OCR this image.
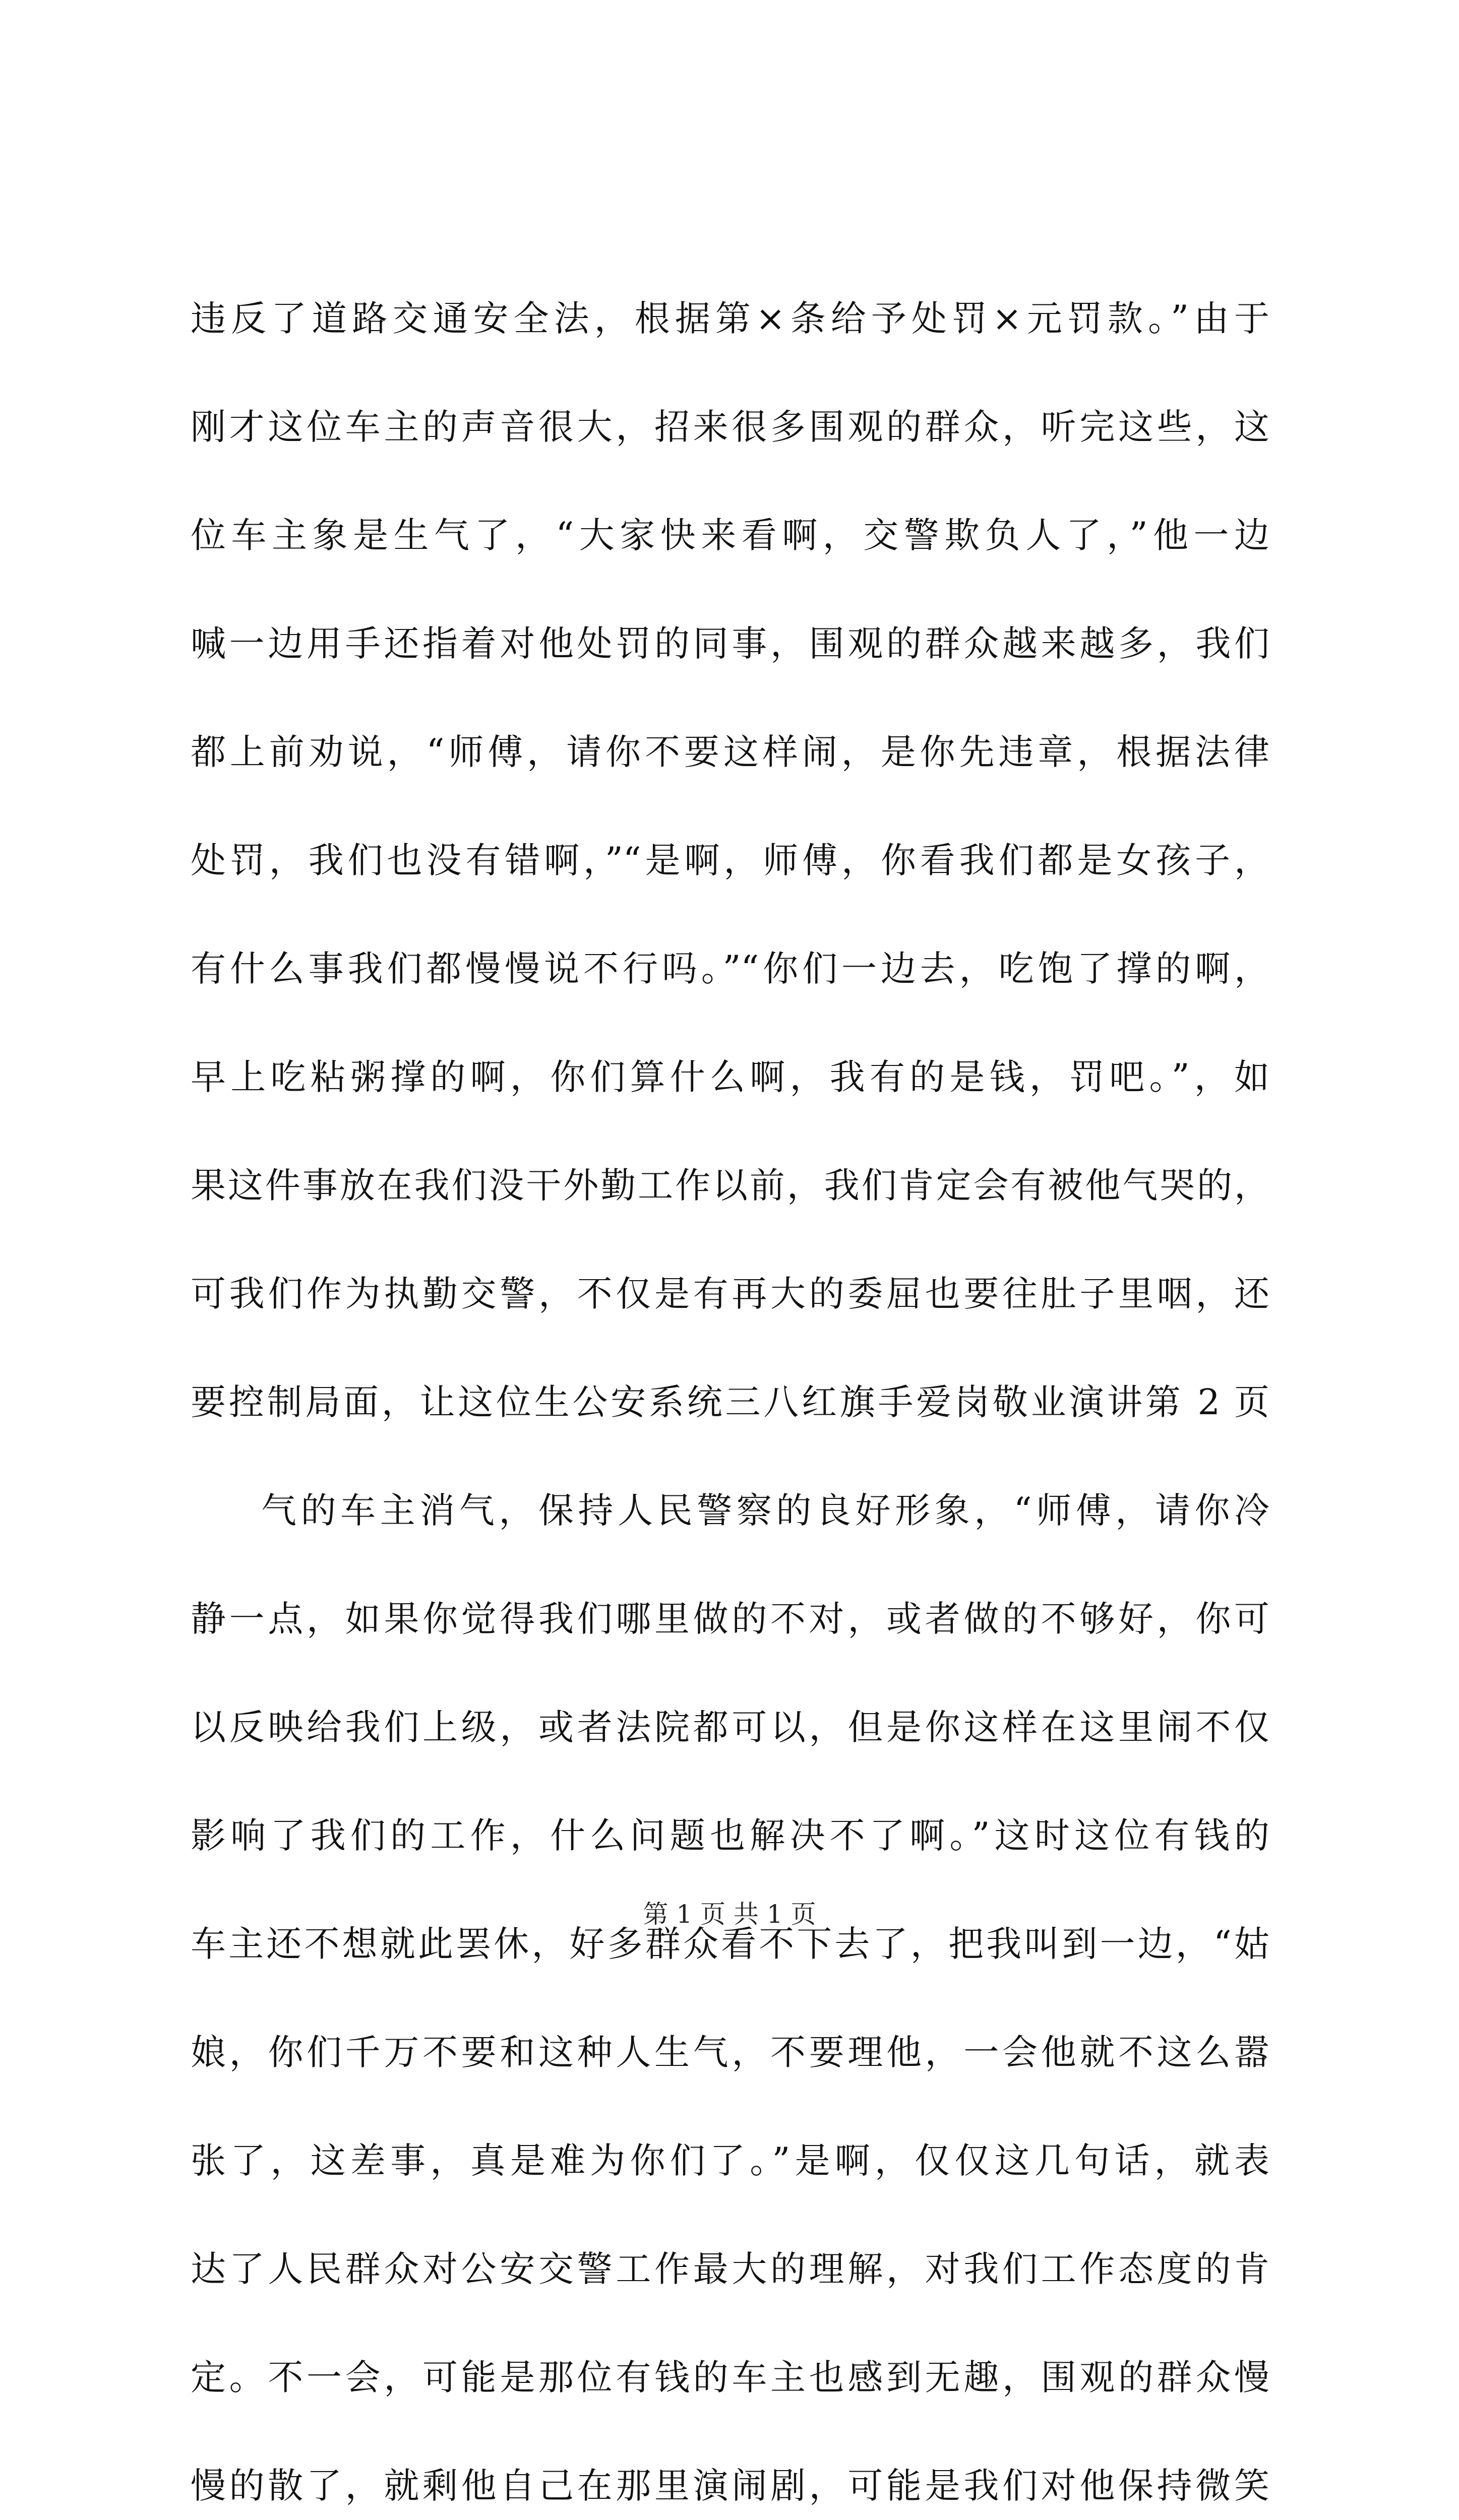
违反了道路交通安全法，根据第×条给予处罚×元罚款。”由于
刚才这位车主的声音很大，招来很多围观的群众，听完这些，这
位车主象是生气了，“大家快来看啊，交警欺负人了，”他一边
喊一边用手还指着对他处罚的同事，围观的群众越来越多，我们
都上前劝说，“师傅，请你不要这样闹，是你先违章，根据法律
处罚，我们也没有错啊，”“是啊，师傅，你看我们都是女孩子，
有什么事我们都慢慢说不行吗。”“你们一边去，吃饱了撑的啊，
早上吃粘粥撑的啊，你们算什么啊，我有的是钱，罚吧。”，如
果这件事放在我们没干外勤工作以前，我们肯定会有被他气哭的，
可我们作为执勤交警，不仅是有再大的委屈也要往肚子里咽，还
要控制局面，让这位生公安系统三八红旗手爱岗敬业演讲第 2 页
气的车主消气，保持人民警察的良好形象，“师傅，请你冷
静一点，如果你觉得我们哪里做的不对，或者做的不够好，你可
以反映给我们上级，或者法院都可以，但是你这样在这里闹不仅
影响了我们的工作，什么问题也解决不了啊。”这时这位有钱的
车主还不想就此罢休，好多群众看不下去了，把我叫到一边，“姑
娘，你们千万不要和这种人生气，不要理他，一会他就不这么嚣
张了，这差事，真是难为你们了。”是啊，仅仅这几句话，就表
达了人民群众对公安交警工作最大的理解，对我们工作态度的肯
定。不一会，可能是那位有钱的车主也感到无趣，围观的群众慢
慢的散了，就剩他自己在那里演闹剧，可能是我们对他保持微笑
第 1 页 共 1 页
